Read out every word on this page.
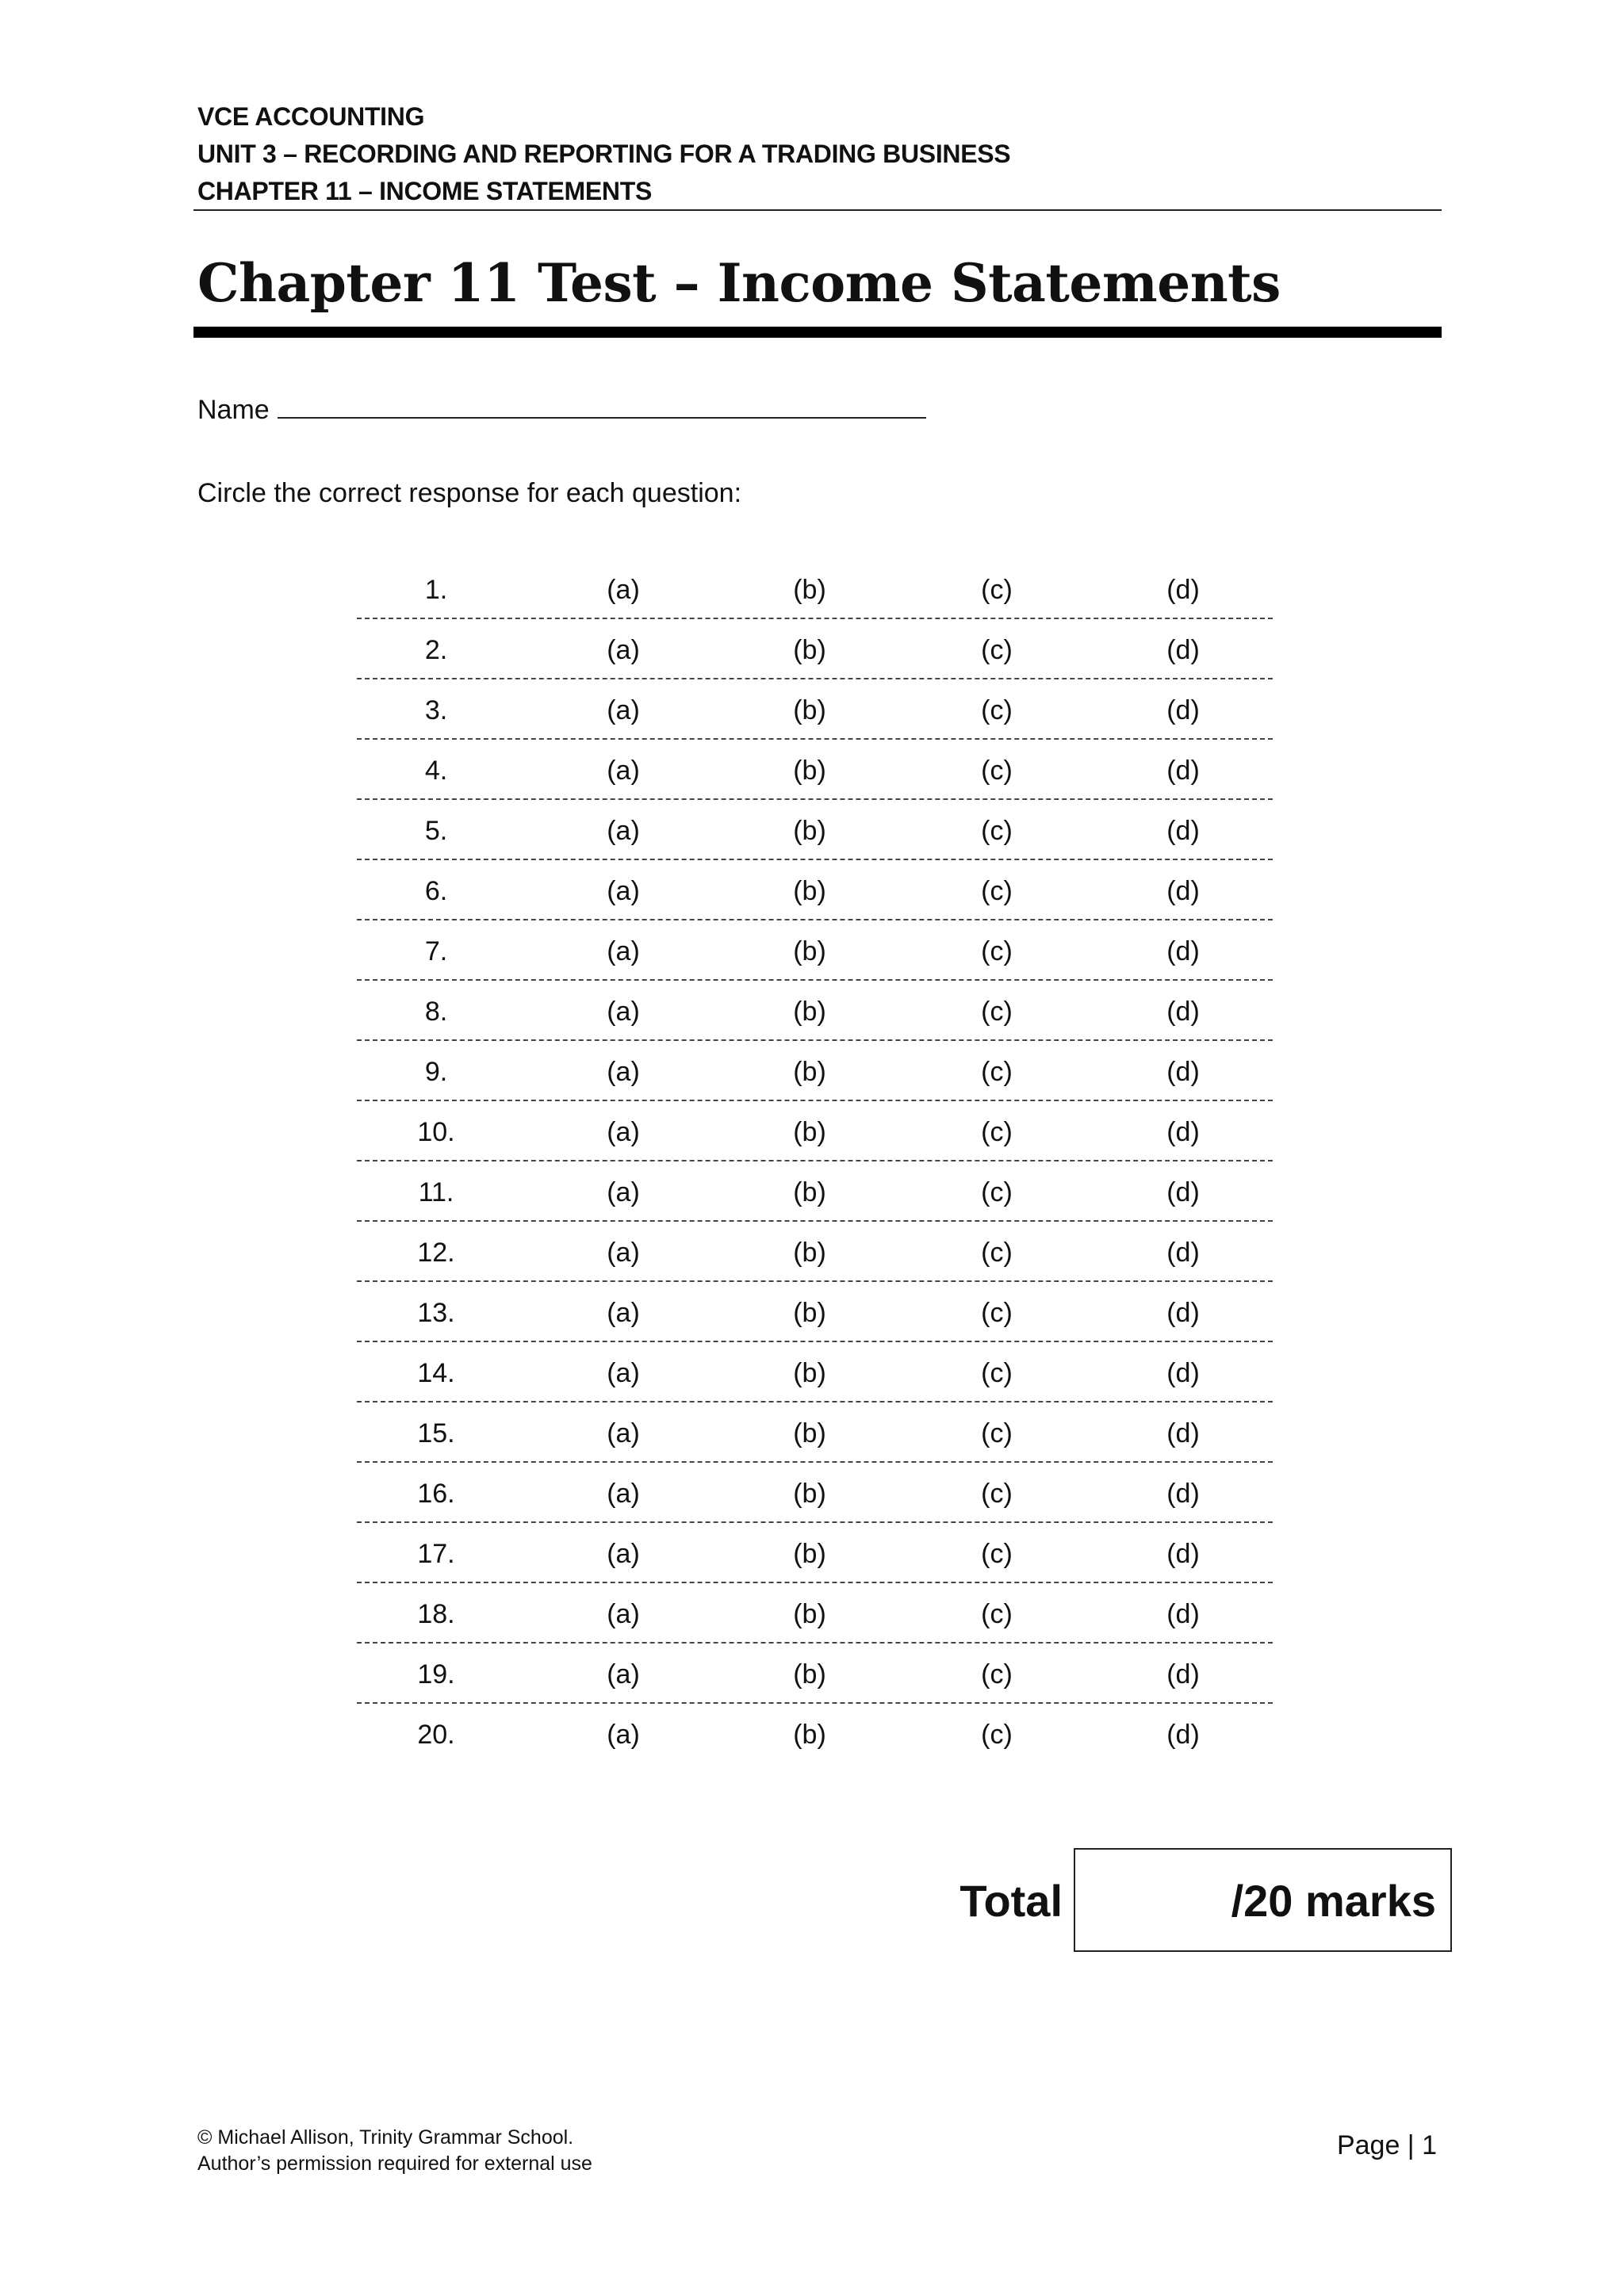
VCE ACCOUNTING
UNIT 3 – RECORDING AND REPORTING FOR A TRADING BUSINESS
CHAPTER 11 – INCOME STATEMENTS
Chapter 11 Test – Income Statements
Name
Circle the correct response for each question:
1.	(a)	(b)	(c)	(d)
2.	(a)	(b)	(c)	(d)
3.	(a)	(b)	(c)	(d)
4.	(a)	(b)	(c)	(d)
5.	(a)	(b)	(c)	(d)
6.	(a)	(b)	(c)	(d)
7.	(a)	(b)	(c)	(d)
8.	(a)	(b)	(c)	(d)
9.	(a)	(b)	(c)	(d)
10.	(a)	(b)	(c)	(d)
11.	(a)	(b)	(c)	(d)
12.	(a)	(b)	(c)	(d)
13.	(a)	(b)	(c)	(d)
14.	(a)	(b)	(c)	(d)
15.	(a)	(b)	(c)	(d)
16.	(a)	(b)	(c)	(d)
17.	(a)	(b)	(c)	(d)
18.	(a)	(b)	(c)	(d)
19.	(a)	(b)	(c)	(d)
20.	(a)	(b)	(c)	(d)
Total	/20 marks
© Michael Allison, Trinity Grammar School.
Author’s permission required for external use
Page | 1
